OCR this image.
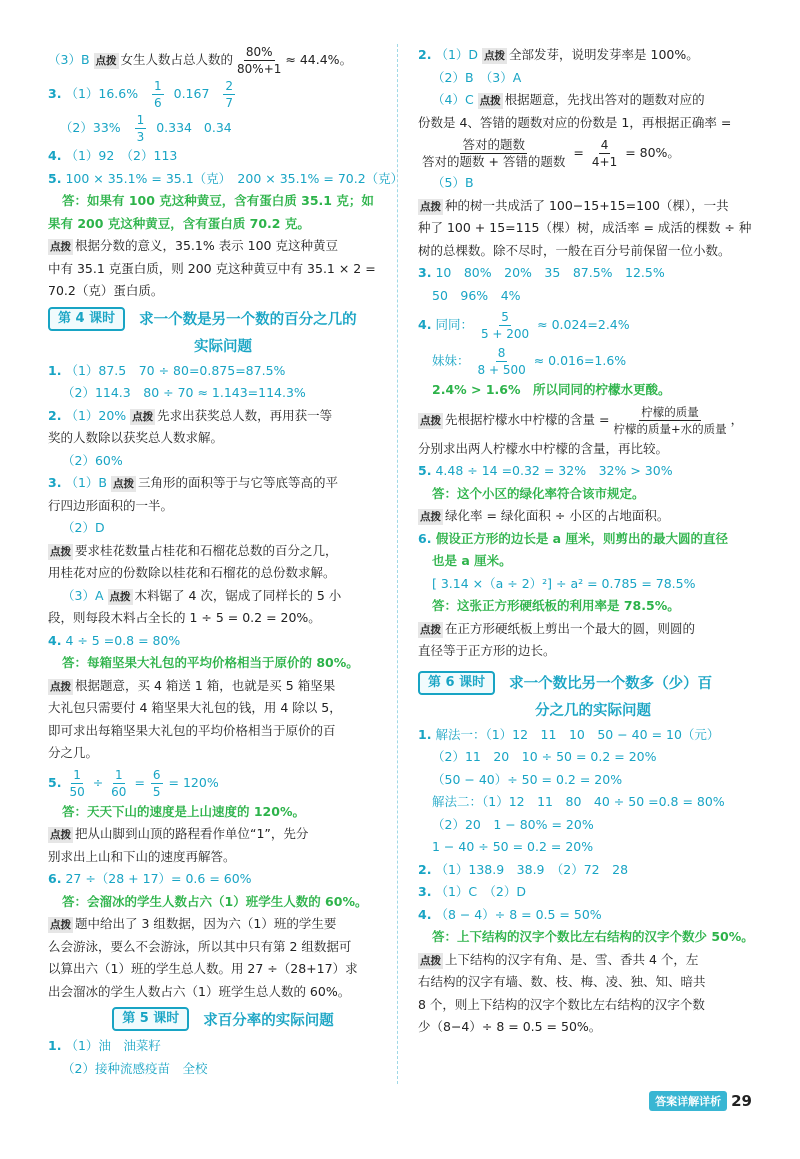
（3）B 点拨 女生人数占总人数的 $\frac{80\%}{80\%+1} \approx 44.4\%$。
3. $(1)16.6\% \frac{1}{6} 0.167 \frac{2}{7}$
$(2)33\% \frac{1}{3} 0.334$ 0.34
4. （1）92　（2）113
5. 100 × 35.1% = 35.1（克）　200 × 35.1% = 70.2（克）
答：如果有 100 克这种黄豆，含有蛋白质 35.1 克；如
果有 200 克这种黄豆，含有蛋白质 70.2 克。
点拨 根据分数的意义，35.1% 表示 100 克这种黄豆
中有 35.1 克蛋白质，则 200 克这种黄豆中有 35.1 × 2 =
70.2（克）蛋白质。
第 4 课时	求一个数是另一个数的百分之几的
实际问题
1. （1）87.5　70 ÷ 80=0.875=87.5%
（2）114.3　80 ÷ 70 ≈ 1.143=114.3%
2. （1）20% 点拨 先求出获奖总人数，再用获一等
奖的人数除以获奖总人数求解。
（2）60%
3. （1）B 点拨 三角形的面积等于与它等底等高的平
行四边形面积的一半。
（2）D
点拨 要求桂花数量占桂花和石榴花总数的百分之几，
用桂花对应的份数除以桂花和石榴花的总份数求解。
（3）A 点拨 木料锯了 4 次，锯成了同样长的 5 小
段，则每段木料占全长的 1 ÷ 5 = 0.2 = 20%。
4. 4 ÷ 5 =0.8 = 80%
答：每箱坚果大礼包的平均价格相当于原价的 80%。
点拨 根据题意，买 4 箱送 1 箱，也就是买 5 箱坚果
大礼包只需要付 4 箱坚果大礼包的钱，用 4 除以 5，
即可求出每箱坚果大礼包的平均价格相当于原价的百
分之几。
5. $\frac{1}{50} \div \frac{1}{60} = \frac{6}{5} = 120\%$
答：天天下山的速度是上山速度的 120%。
点拨 把从山脚到山顶的路程看作单位“1”，先分
别求出上山和下山的速度再解答。
6. 27 ÷（28 + 17）= 0.6 = 60%
答：会溜冰的学生人数占六（1）班学生人数的 60%。
点拨 题中给出了 3 组数据，因为六（1）班的学生要
么会游泳，要么不会游泳，所以其中只有第 2 组数据可
以算出六（1）班的学生总人数。用 27 ÷（28+17）求
出会溜冰的学生人数占六（1）班学生总人数的 60%。
第 5 课时	求百分率的实际问题
1. （1）油　油菜籽
（2）接种流感疫苗　全校
2. （1）D 点拨 全部发芽，说明发芽率是 100%。
（2）B　（3）A
（4）C 点拨 根据题意，先找出答对的题数对应的
份数是 4、答错的题数对应的份数是 1，再根据正确率 =
$\frac{\text{答对的题数}}{\text{答对的题数 + 答错的题数}} = \frac{4}{4+1} = 80\%$。
（5）B
点拨 种的树一共成活了 100−15+15=100（棵），一共
种了 100 + 15=115（棵）树，成活率 = 成活的棵数 ÷ 种
树的总棵数。除不尽时，一般在百分号前保留一位小数。
3. 10　80%　20%　35　87.5%　12.5%
50　96%　4%
4. 同同： $\frac{5}{5 + 200} \approx 0.024=2.4\%$
妹妹： $\frac{8}{8 + 500} \approx 0.016=1.6\%$
2.4% > 1.6%　所以同同的柠檬水更酸。
点拨 先根据柠檬水中柠檬的含量 = $\frac{\text{柠檬的质量}}{\text{柠檬的质量+水的质量}}$ ，
分别求出两人柠檬水中柠檬的含量，再比较。
5. 4.48 ÷ 14 =0.32 = 32%　32% > 30%
答：这个小区的绿化率符合该市规定。
点拨 绿化率 = 绿化面积 ÷ 小区的占地面积。
6. 假设正方形的边长是 a 厘米，则剪出的最大圆的直径
也是 a 厘米。
[ 3.14 ×（a ÷ 2）²] ÷ a² = 0.785 = 78.5%
答：这张正方形硬纸板的利用率是 78.5%。
点拨 在正方形硬纸板上剪出一个最大的圆，则圆的
直径等于正方形的边长。
第 6 课时	求一个数比另一个数多（少）百
分之几的实际问题
1. 解法一：（1）12　11　10　50 − 40 = 10（元）
（2）11　20　10 ÷ 50 = 0.2 = 20%
（50 − 40）÷ 50 = 0.2 = 20%
解法二：（1）12　11　80　40 ÷ 50 =0.8 = 80%
（2）20　1 − 80% = 20%
1 − 40 ÷ 50 = 0.2 = 20%
2. （1）138.9　38.9　（2）72　28
3. （1）C　（2）D
4. （8 − 4）÷ 8 = 0.5 = 50%
答：上下结构的汉字个数比左右结构的汉字个数少 50%。
点拨 上下结构的汉字有角、是、雪、香共 4 个，左
右结构的汉字有墙、数、枝、梅、凌、独、知、暗共
8 个，则上下结构的汉字个数比左右结构的汉字个数
少（8−4）÷ 8 = 0.5 = 50%。
答案详解详析 29
